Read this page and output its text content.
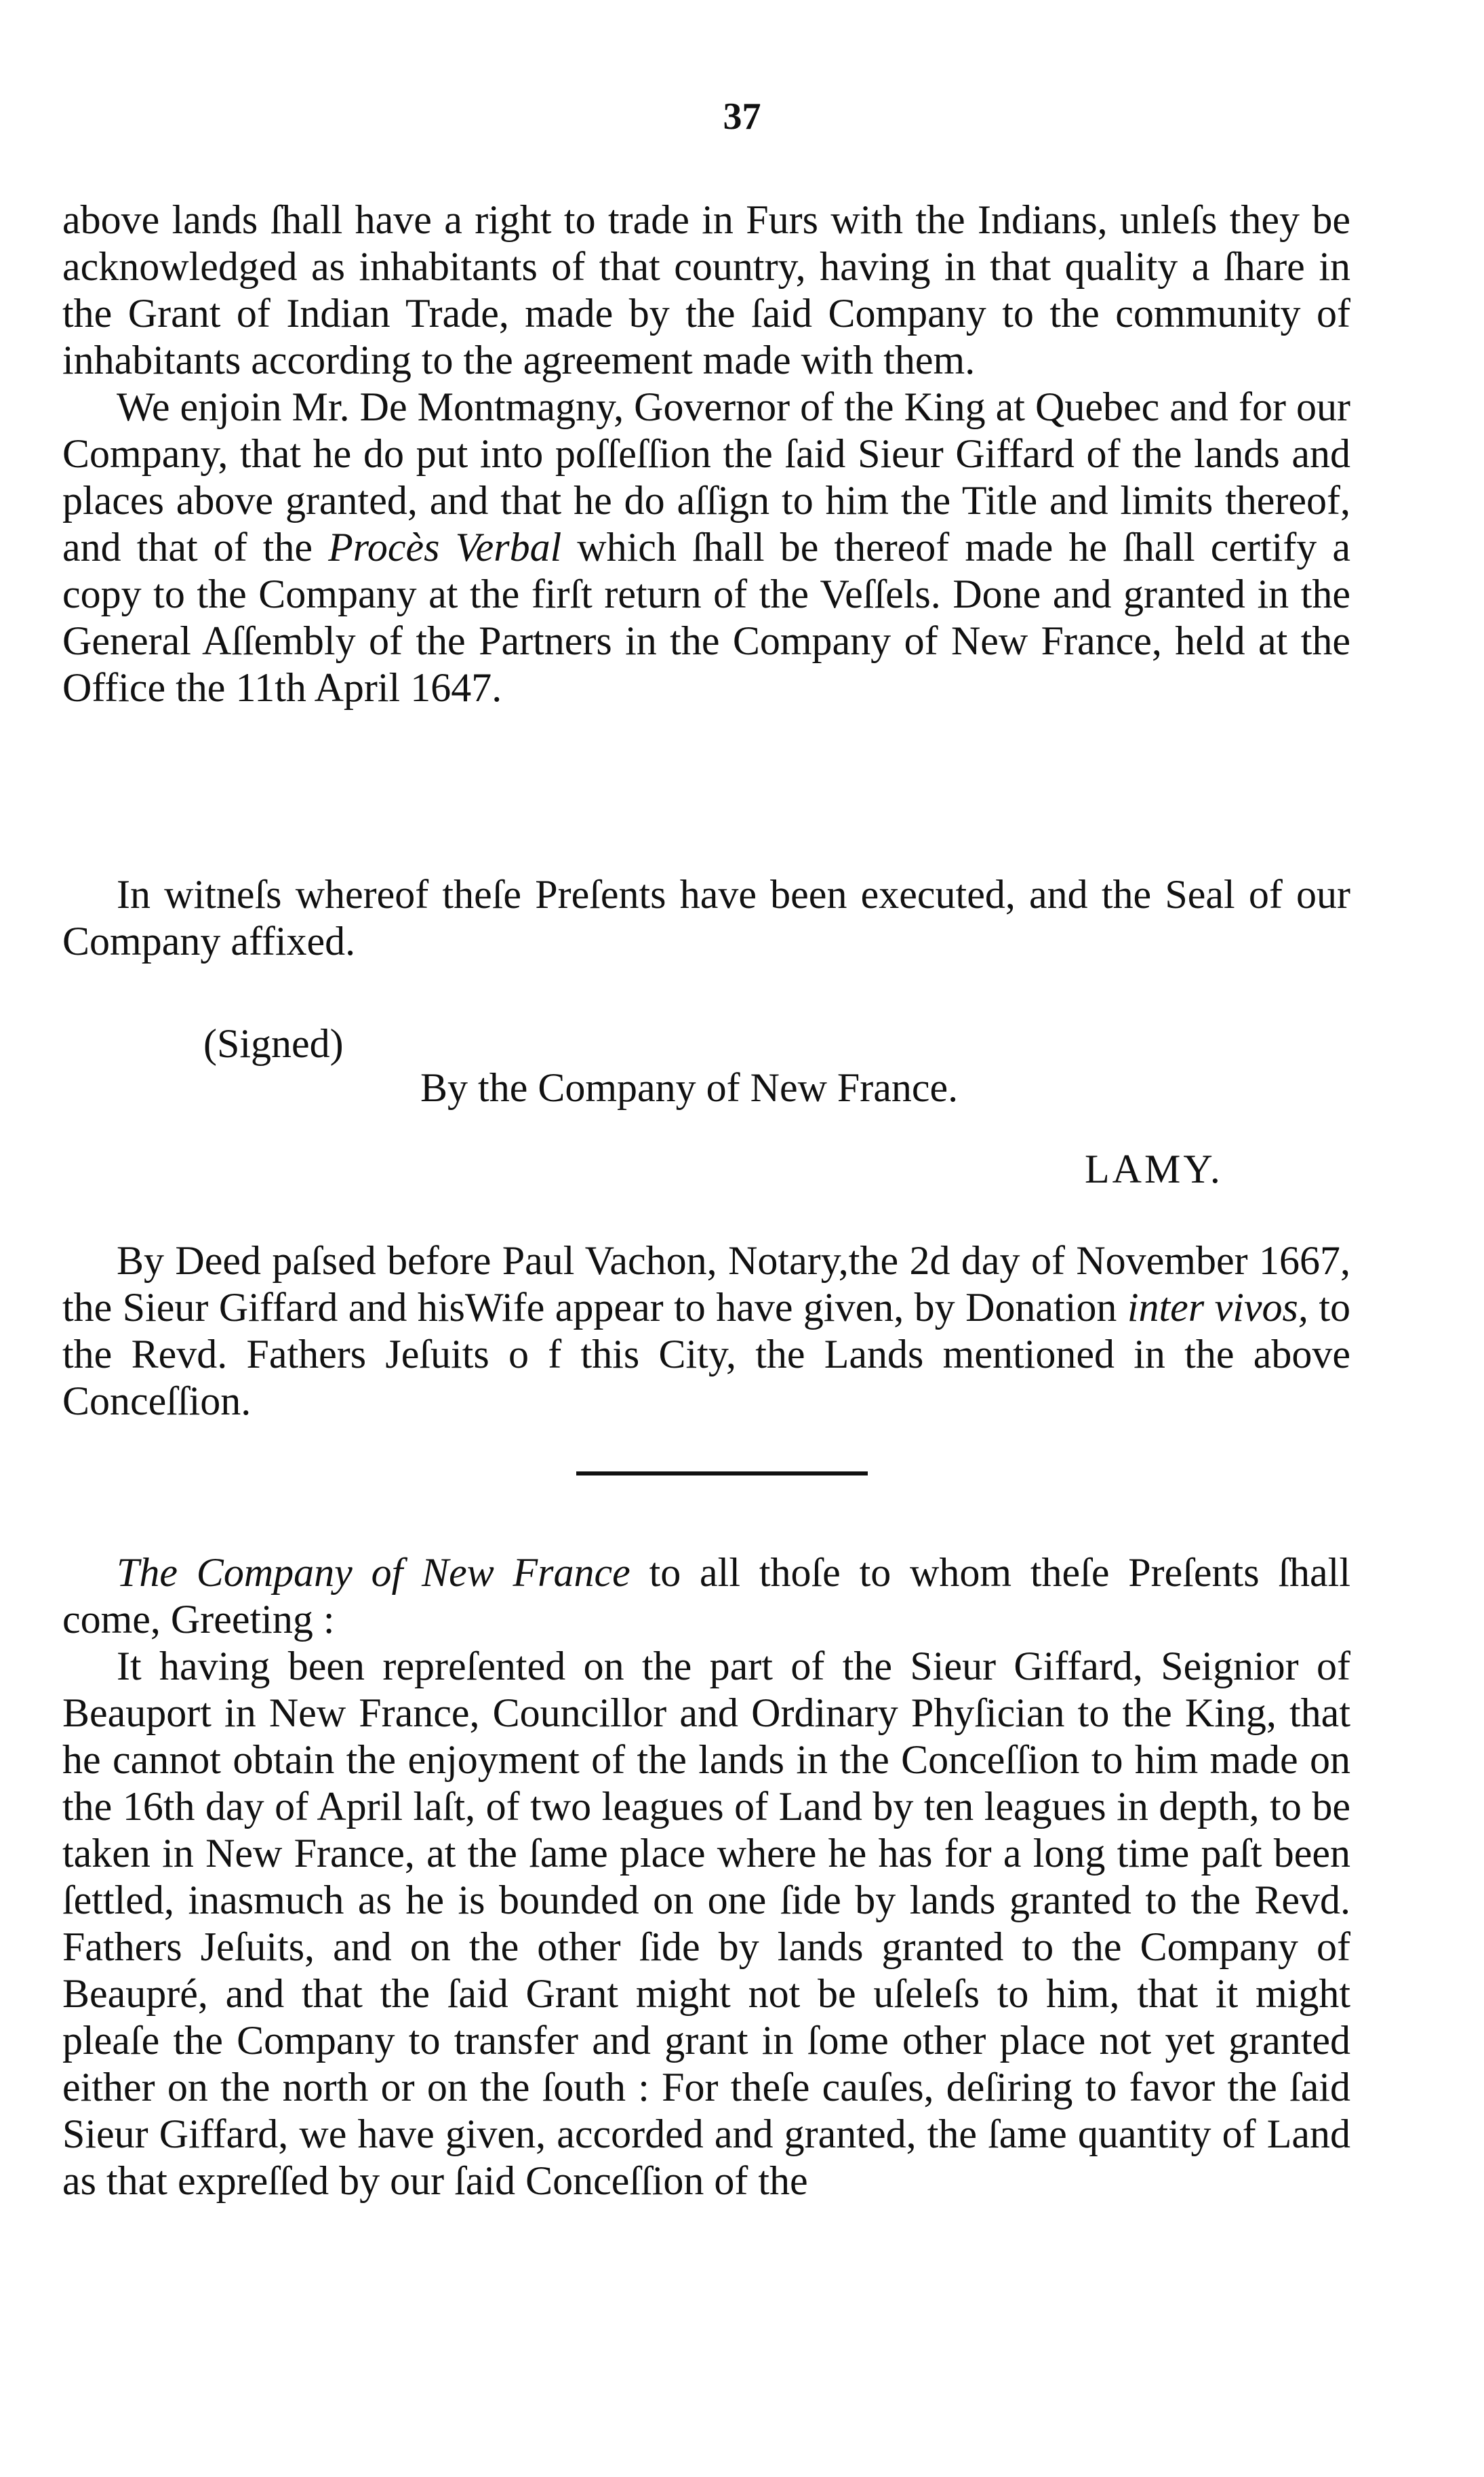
37

above lands ſhall have a right to trade in Furs with the Indians, unleſs they be acknowledged as inhabitants of that country, having in that quality a ſhare in the Grant of Indian Trade, made by the ſaid Company to the community of inhabitants according to the agreement made with them.

We enjoin Mr. De Montmagny, Governor of the King at Quebec and for our Company, that he do put into poſſeſſion the ſaid Sieur Giffard of the lands and places above granted, and that he do aſſign to him the Title and limits thereof, and that of the Procès Verbal which ſhall be thereof made he ſhall certify a copy to the Company at the firſt return of the Veſſels. Done and granted in the General Aſſembly of the Partners in the Company of New France, held at the Office the 11th April 1647.

In witneſs whereof theſe Preſents have been executed, and the Seal of our Company affixed.

(Signed)
By the Company of New France.
LAMY.

By Deed paſsed before Paul Vachon, Notary,the 2d day of November 1667, the Sieur Giffard and hisWife appear to have given, by Donation inter vivos, to the Revd. Fathers Jeſuits o f this City, the Lands mentioned in the above Conceſſion.

The Company of New France to all thoſe to whom theſe Preſents ſhall come, Greeting :

It having been repreſented on the part of the Sieur Giffard, Seignior of Beauport in New France, Councillor and Ordinary Phyſician to the King, that he cannot obtain the enjoyment of the lands in the Conceſſion to him made on the 16th day of April laſt, of two leagues of Land by ten leagues in depth, to be taken in New France, at the ſame place where he has for a long time paſt been ſettled, inasmuch as he is bounded on one ſide by lands granted to the Revd. Fathers Jeſuits, and on the other ſide by lands granted to the Company of Beaupré, and that the ſaid Grant might not be uſeleſs to him, that it might pleaſe the Company to transfer and grant in ſome other place not yet granted either on the north or on the ſouth : For theſe cauſes, deſiring to favor the ſaid Sieur Giffard, we have given, accorded and granted, the ſame quantity of Land as that expreſſed by our ſaid Conceſſion of the
